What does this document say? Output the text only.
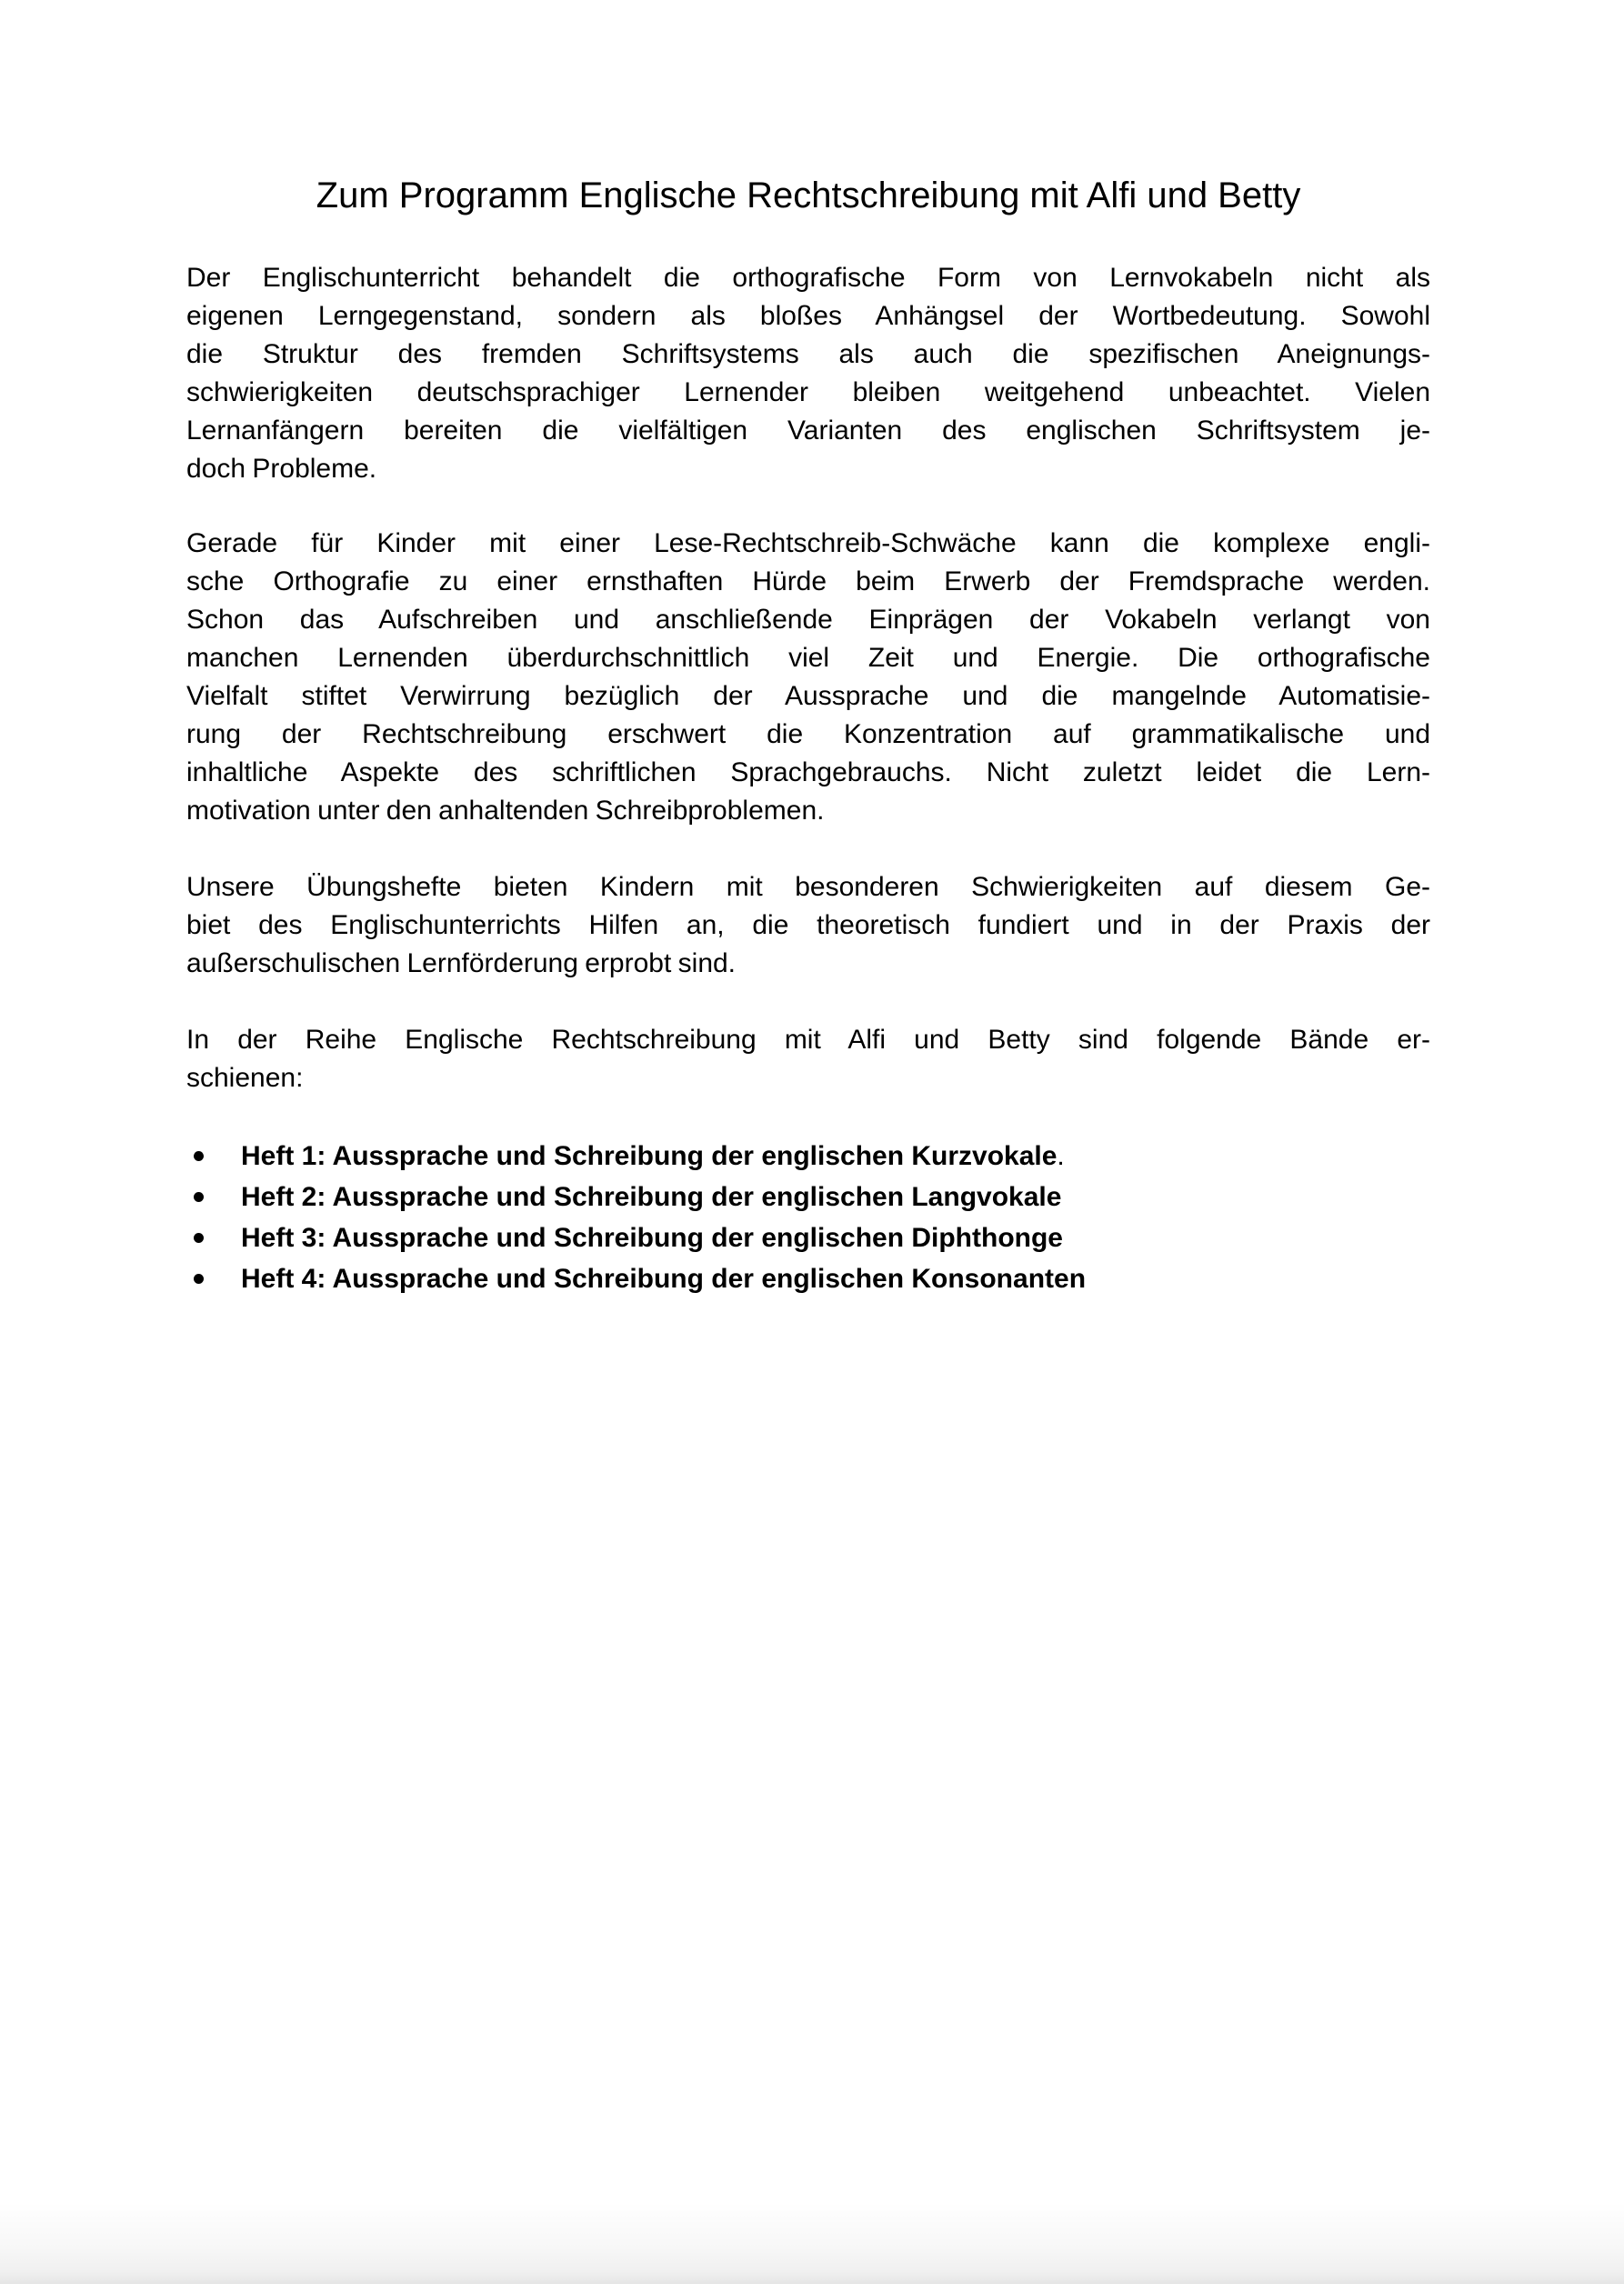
Zum Programm Englische Rechtschreibung mit Alfi und Betty
Der Englischunterricht behandelt die orthografische Form von Lernvokabeln nicht als
eigenen Lerngegenstand, sondern als bloßes Anhängsel der Wortbedeutung. Sowohl
die Struktur des fremden Schriftsystems als auch die spezifischen Aneignungs-
schwierigkeiten deutschsprachiger Lernender bleiben weitgehend unbeachtet. Vielen
Lernanfängern bereiten die vielfältigen Varianten des englischen Schriftsystem je-
doch Probleme.
Gerade für Kinder mit einer Lese-Rechtschreib-Schwäche kann die komplexe engli-
sche Orthografie zu einer ernsthaften Hürde beim Erwerb der Fremdsprache werden.
Schon das Aufschreiben und anschließende Einprägen der Vokabeln verlangt von
manchen Lernenden überdurchschnittlich viel Zeit und Energie. Die orthografische
Vielfalt stiftet Verwirrung bezüglich der Aussprache und die mangelnde Automatisie-
rung der Rechtschreibung erschwert die Konzentration auf grammatikalische und
inhaltliche Aspekte des schriftlichen Sprachgebrauchs. Nicht zuletzt leidet die Lern-
motivation unter den anhaltenden Schreibproblemen.
Unsere Übungshefte bieten Kindern mit besonderen Schwierigkeiten auf diesem Ge-
biet des Englischunterrichts Hilfen an, die theoretisch fundiert und in der Praxis der
außerschulischen Lernförderung erprobt sind.
In der Reihe Englische Rechtschreibung mit Alfi und Betty sind folgende Bände er-
schienen:
Heft 1: Aussprache und Schreibung der englischen Kurzvokale.
Heft 2: Aussprache und Schreibung der englischen Langvokale
Heft 3: Aussprache und Schreibung der englischen Diphthonge
Heft 4: Aussprache und Schreibung der englischen Konsonanten
